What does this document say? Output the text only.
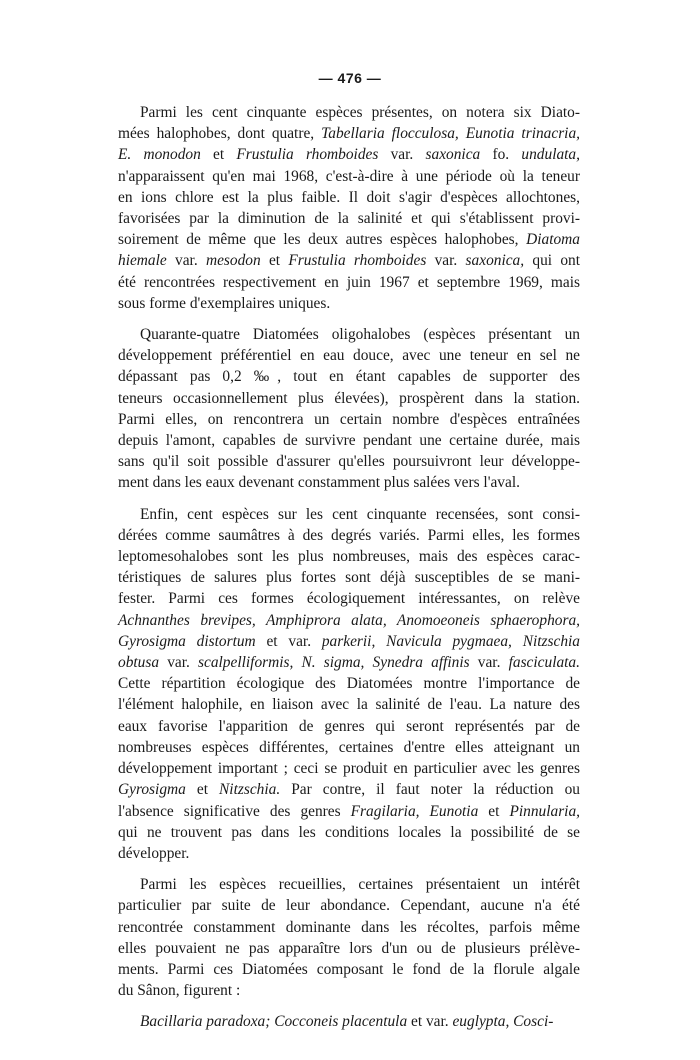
— 476 —
Parmi les cent cinquante espèces présentes, on notera six Diato-
mées halophobes, dont quatre, Tabellaria flocculosa, Eunotia trinacria,
E. monodon et Frustulia rhomboides var. saxonica fo. undulata,
n'apparaissent qu'en mai 1968, c'est-à-dire à une période où la teneur
en ions chlore est la plus faible. Il doit s'agir d'espèces allochtones,
favorisées par la diminution de la salinité et qui s'établissent provi-
soirement de même que les deux autres espèces halophobes, Diatoma
hiemale var. mesodon et Frustulia rhomboides var. saxonica, qui ont
été rencontrées respectivement en juin 1967 et septembre 1969, mais
sous forme d'exemplaires uniques.
Quarante-quatre Diatomées oligohalobes (espèces présentant un
développement préférentiel en eau douce, avec une teneur en sel ne
dépassant pas 0,2 ‰, tout en étant capables de supporter des
teneurs occasionnellement plus élevées), prospèrent dans la station.
Parmi elles, on rencontrera un certain nombre d'espèces entraînées
depuis l'amont, capables de survivre pendant une certaine durée, mais
sans qu'il soit possible d'assurer qu'elles poursuivront leur développe-
ment dans les eaux devenant constamment plus salées vers l'aval.
Enfin, cent espèces sur les cent cinquante recensées, sont consi-
dérées comme saumâtres à des degrés variés. Parmi elles, les formes
leptomesohalobes sont les plus nombreuses, mais des espèces carac-
téristiques de salures plus fortes sont déjà susceptibles de se mani-
fester. Parmi ces formes écologiquement intéressantes, on relève
Achnanthes brevipes, Amphiprora alata, Anomoeoneis sphaerophora,
Gyrosigma distortum et var. parkerii, Navicula pygmaea, Nitzschia
obtusa var. scalpelliformis, N. sigma, Synedra affinis var. fasciculata.
Cette répartition écologique des Diatomées montre l'importance de
l'élément halophile, en liaison avec la salinité de l'eau. La nature des
eaux favorise l'apparition de genres qui seront représentés par de
nombreuses espèces différentes, certaines d'entre elles atteignant un
développement important ; ceci se produit en particulier avec les genres
Gyrosigma et Nitzschia. Par contre, il faut noter la réduction ou
l'absence significative des genres Fragilaria, Eunotia et Pinnularia,
qui ne trouvent pas dans les conditions locales la possibilité de se
développer.
Parmi les espèces recueillies, certaines présentaient un intérêt
particulier par suite de leur abondance. Cependant, aucune n'a été
rencontrée constamment dominante dans les récoltes, parfois même
elles pouvaient ne pas apparaître lors d'un ou de plusieurs prélève-
ments. Parmi ces Diatomées composant le fond de la florule algale
du Sânon, figurent :
Bacillaria paradoxa; Cocconeis placentula et var. euglypta, Cosci-
